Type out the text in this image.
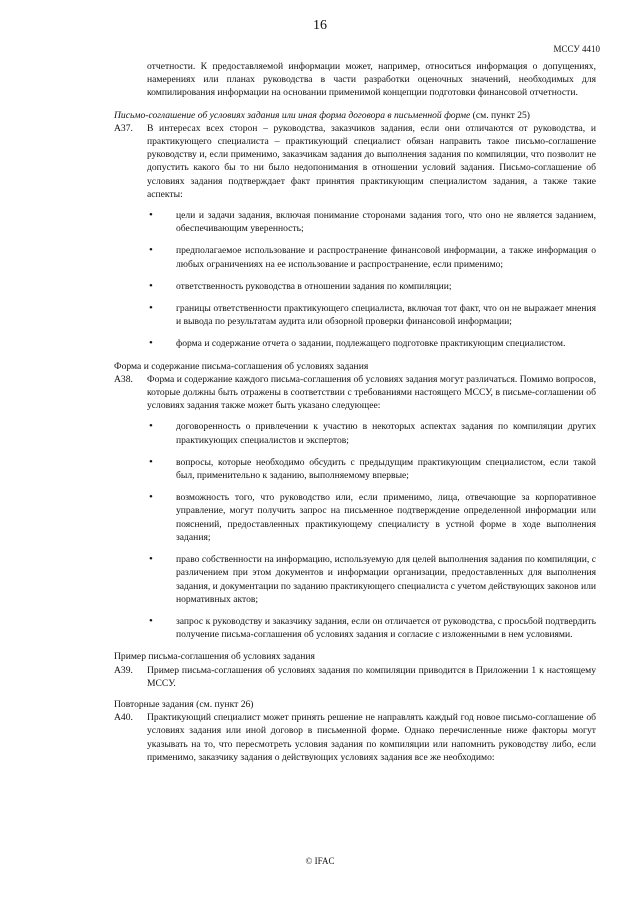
16
МССУ 4410

отчетности. К предоставляемой информации может, например, относиться информация о допущениях, намерениях или планах руководства в части разработки оценочных значений, необходимых для компилирования информации на основании применимой концепции подготовки финансовой отчетности.

Письмо-соглашение об условиях задания или иная форма договора в письменной форме (см. пункт 25)

A37. В интересах всех сторон – руководства, заказчиков задания, если они отличаются от руководства, и практикующего специалиста – практикующий специалист обязан направить такое письмо-соглашение руководству и, если применимо, заказчикам задания до выполнения задания по компиляции, что позволит не допустить какого бы то ни было недопонимания в отношении условий задания. Письмо-соглашение об условиях задания подтверждает факт принятия практикующим специалистом задания, а также такие аспекты:
• цели и задачи задания, включая понимание сторонами задания того, что оно не является заданием, обеспечивающим уверенность;
• предполагаемое использование и распространение финансовой информации, а также информация о любых ограничениях на ее использование и распространение, если применимо;
• ответственность руководства в отношении задания по компиляции;
• границы ответственности практикующего специалиста, включая тот факт, что он не выражает мнения и вывода по результатам аудита или обзорной проверки финансовой информации;
• форма и содержание отчета о задании, подлежащего подготовке практикующим специалистом.

Форма и содержание письма-соглашения об условиях задания

A38. Форма и содержание каждого письма-соглашения об условиях задания могут различаться. Помимо вопросов, которые должны быть отражены в соответствии с требованиями настоящего МССУ, в письме-соглашении об условиях задания также может быть указано следующее:
• договоренность о привлечении к участию в некоторых аспектах задания по компиляции других практикующих специалистов и экспертов;
• вопросы, которые необходимо обсудить с предыдущим практикующим специалистом, если такой был, применительно к заданию, выполняемому впервые;
• возможность того, что руководство или, если применимо, лица, отвечающие за корпоративное управление, могут получить запрос на письменное подтверждение определенной информации или пояснений, предоставленных практикующему специалисту в устной форме в ходе выполнения задания;
• право собственности на информацию, используемую для целей выполнения задания по компиляции, с различением при этом документов и информации организации, предоставленных для выполнения задания, и документации по заданию практикующего специалиста с учетом действующих законов или нормативных актов;
• запрос к руководству и заказчику задания, если он отличается от руководства, с просьбой подтвердить получение письма-соглашения об условиях задания и согласие с изложенными в нем условиями.

Пример письма-соглашения об условиях задания

A39. Пример письма-соглашения об условиях задания по компиляции приводится в Приложении 1 к настоящему МССУ.

Повторные задания (см. пункт 26)

A40. Практикующий специалист может принять решение не направлять каждый год новое письмо-соглашение об условиях задания или иной договор в письменной форме. Однако перечисленные ниже факторы могут указывать на то, что пересмотреть условия задания по компиляции или напомнить руководству либо, если применимо, заказчику задания о действующих условиях задания все же необходимо:
© IFAC
